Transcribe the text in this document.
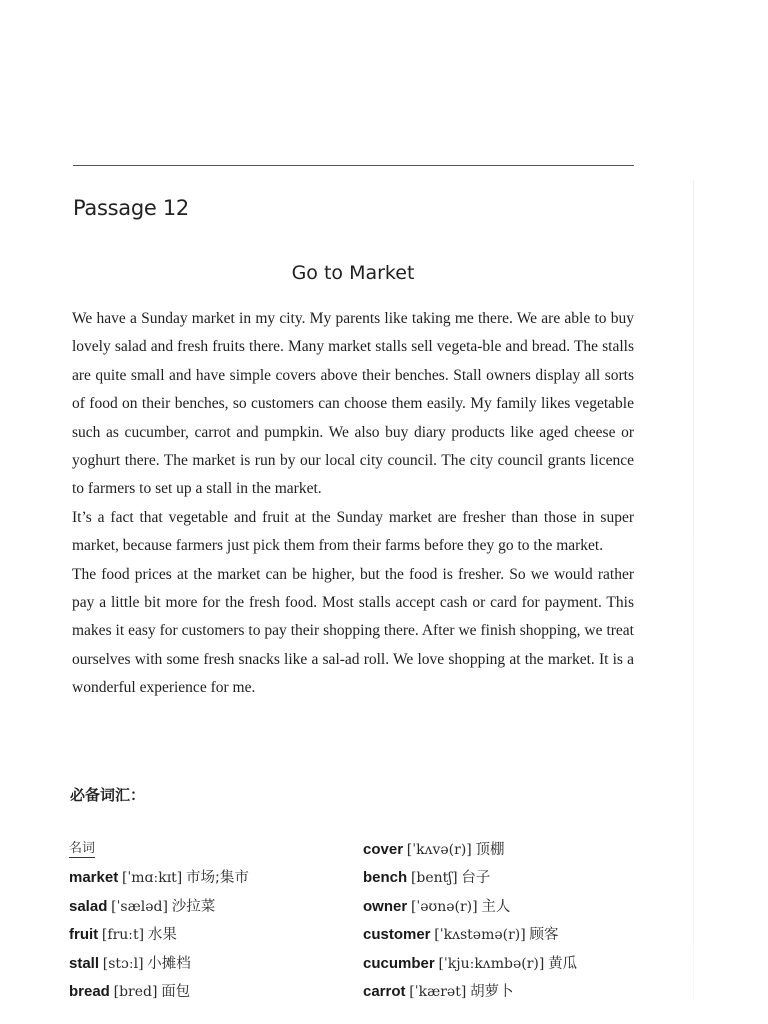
Passage 12
Go to Market

We have a Sunday market in my city. My parents like taking me there. We are able to buy lovely salad and fresh fruits there. Many market stalls sell vegeta-ble and bread. The stalls are quite small and have simple covers above their benches. Stall owners display all sorts of food on their benches, so customers can choose them easily. My family likes vegetable such as cucumber, carrot and pumpkin. We also buy diary products like aged cheese or yoghurt there. The market is run by our local city council. The city council grants licence to farmers to set up a stall in the market.

It’s a fact that vegetable and fruit at the Sunday market are fresher than those in super market, because farmers just pick them from their farms before they go to the market.

The food prices at the market can be higher, but the food is fresher. So we would rather pay a little bit more for the fresh food. Most stalls accept cash or card for payment. This makes it easy for customers to pay their shopping there. After we finish shopping, we treat ourselves with some fresh snacks like a sal-ad roll. We love shopping at the market. It is a wonderful experience for me.

必备词汇：
名词
market [ˈmɑːkɪt] 市场;集市
salad [ˈsæləd] 沙拉菜
fruit [fruːt] 水果
stall [stɔːl] 小摊档
bread [bred] 面包
cover [ˈkʌvə(r)] 顶棚
bench [bentʃ] 台子
owner [ˈəʊnə(r)] 主人
customer [ˈkʌstəmə(r)] 顾客
cucumber [ˈkjuːkʌmbə(r)] 黄瓜
carrot [ˈkærət] 胡萝卜
